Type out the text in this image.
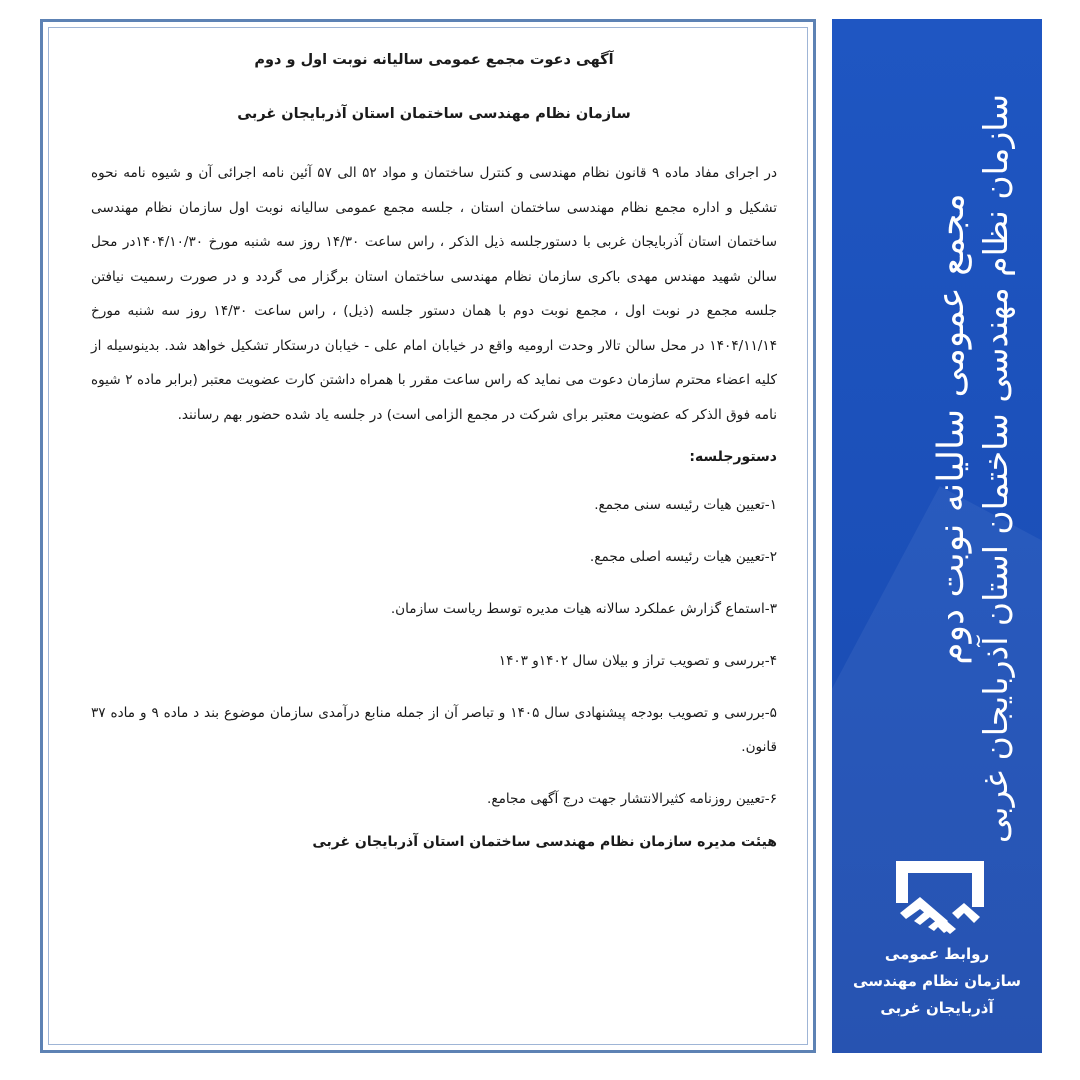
آگهی دعوت مجمع عمومی سالیانه نوبت اول و دوم

سازمان نظام مهندسی ساختمان استان آذربایجان غربی

در اجرای مفاد ماده ۹ قانون نظام مهندسی و کنترل ساختمان و مواد ۵۲ الی ۵۷ آئین نامه اجرائی آن و شیوه نامه نحوه تشکیل و اداره مجمع نظام مهندسی ساختمان استان ، جلسه مجمع عمومی سالیانه نوبت اول سازمان نظام مهندسی ساختمان استان آذربایجان غربی با دستورجلسه ذیل الذکر ، راس ساعت ۱۴/۳۰ روز سه شنبه مورخ ۱۴۰۴/۱۰/۳۰در محل سالن شهید مهندس مهدی باکری سازمان نظام مهندسی ساختمان استان برگزار می گردد و در صورت رسمیت نیافتن جلسه مجمع در نوبت اول ، مجمع نوبت دوم با همان دستور جلسه (ذیل) ، راس ساعت ۱۴/۳۰ روز سه شنبه مورخ ۱۴۰۴/۱۱/۱۴ در محل سالن تالار وحدت ارومیه واقع در خیابان امام علی - خیابان درستکار تشکیل خواهد شد. بدینوسیله از کلیه اعضاء محترم سازمان دعوت می نماید که راس ساعت مقرر با همراه داشتن کارت عضویت معتبر (برابر ماده ۲ شیوه نامه فوق الذکر که عضویت معتبر برای شرکت در مجمع الزامی است) در جلسه یاد شده حضور بهم رسانند.

دستورجلسه:

۱-تعیین هیات رئیسه سنی مجمع.
۲-تعیین هیات رئیسه اصلی مجمع.
۳-استماع گزارش عملکرد سالانه هیات مدیره توسط ریاست سازمان.
۴-بررسی و تصویب تراز و بیلان سال ۱۴۰۲و ۱۴۰۳
۵-بررسی و تصویب بودجه پیشنهادی سال ۱۴۰۵ و تباصر آن از جمله منابع درآمدی سازمان موضوع بند د ماده ۹ و ماده ۳۷ قانون.
۶-تعیین روزنامه کثیرالانتشار جهت درج آگهی مجامع.

هیئت مدیره سازمان نظام مهندسی ساختمان استان آذربایجان غربی

مجمع عمومی سالیانه نوبت دوم سازمان نظام مهندسی ساختمان استان آذربایجان غربی
روابط عمومی
سازمان نظام مهندسی
آذربایجان غربی
